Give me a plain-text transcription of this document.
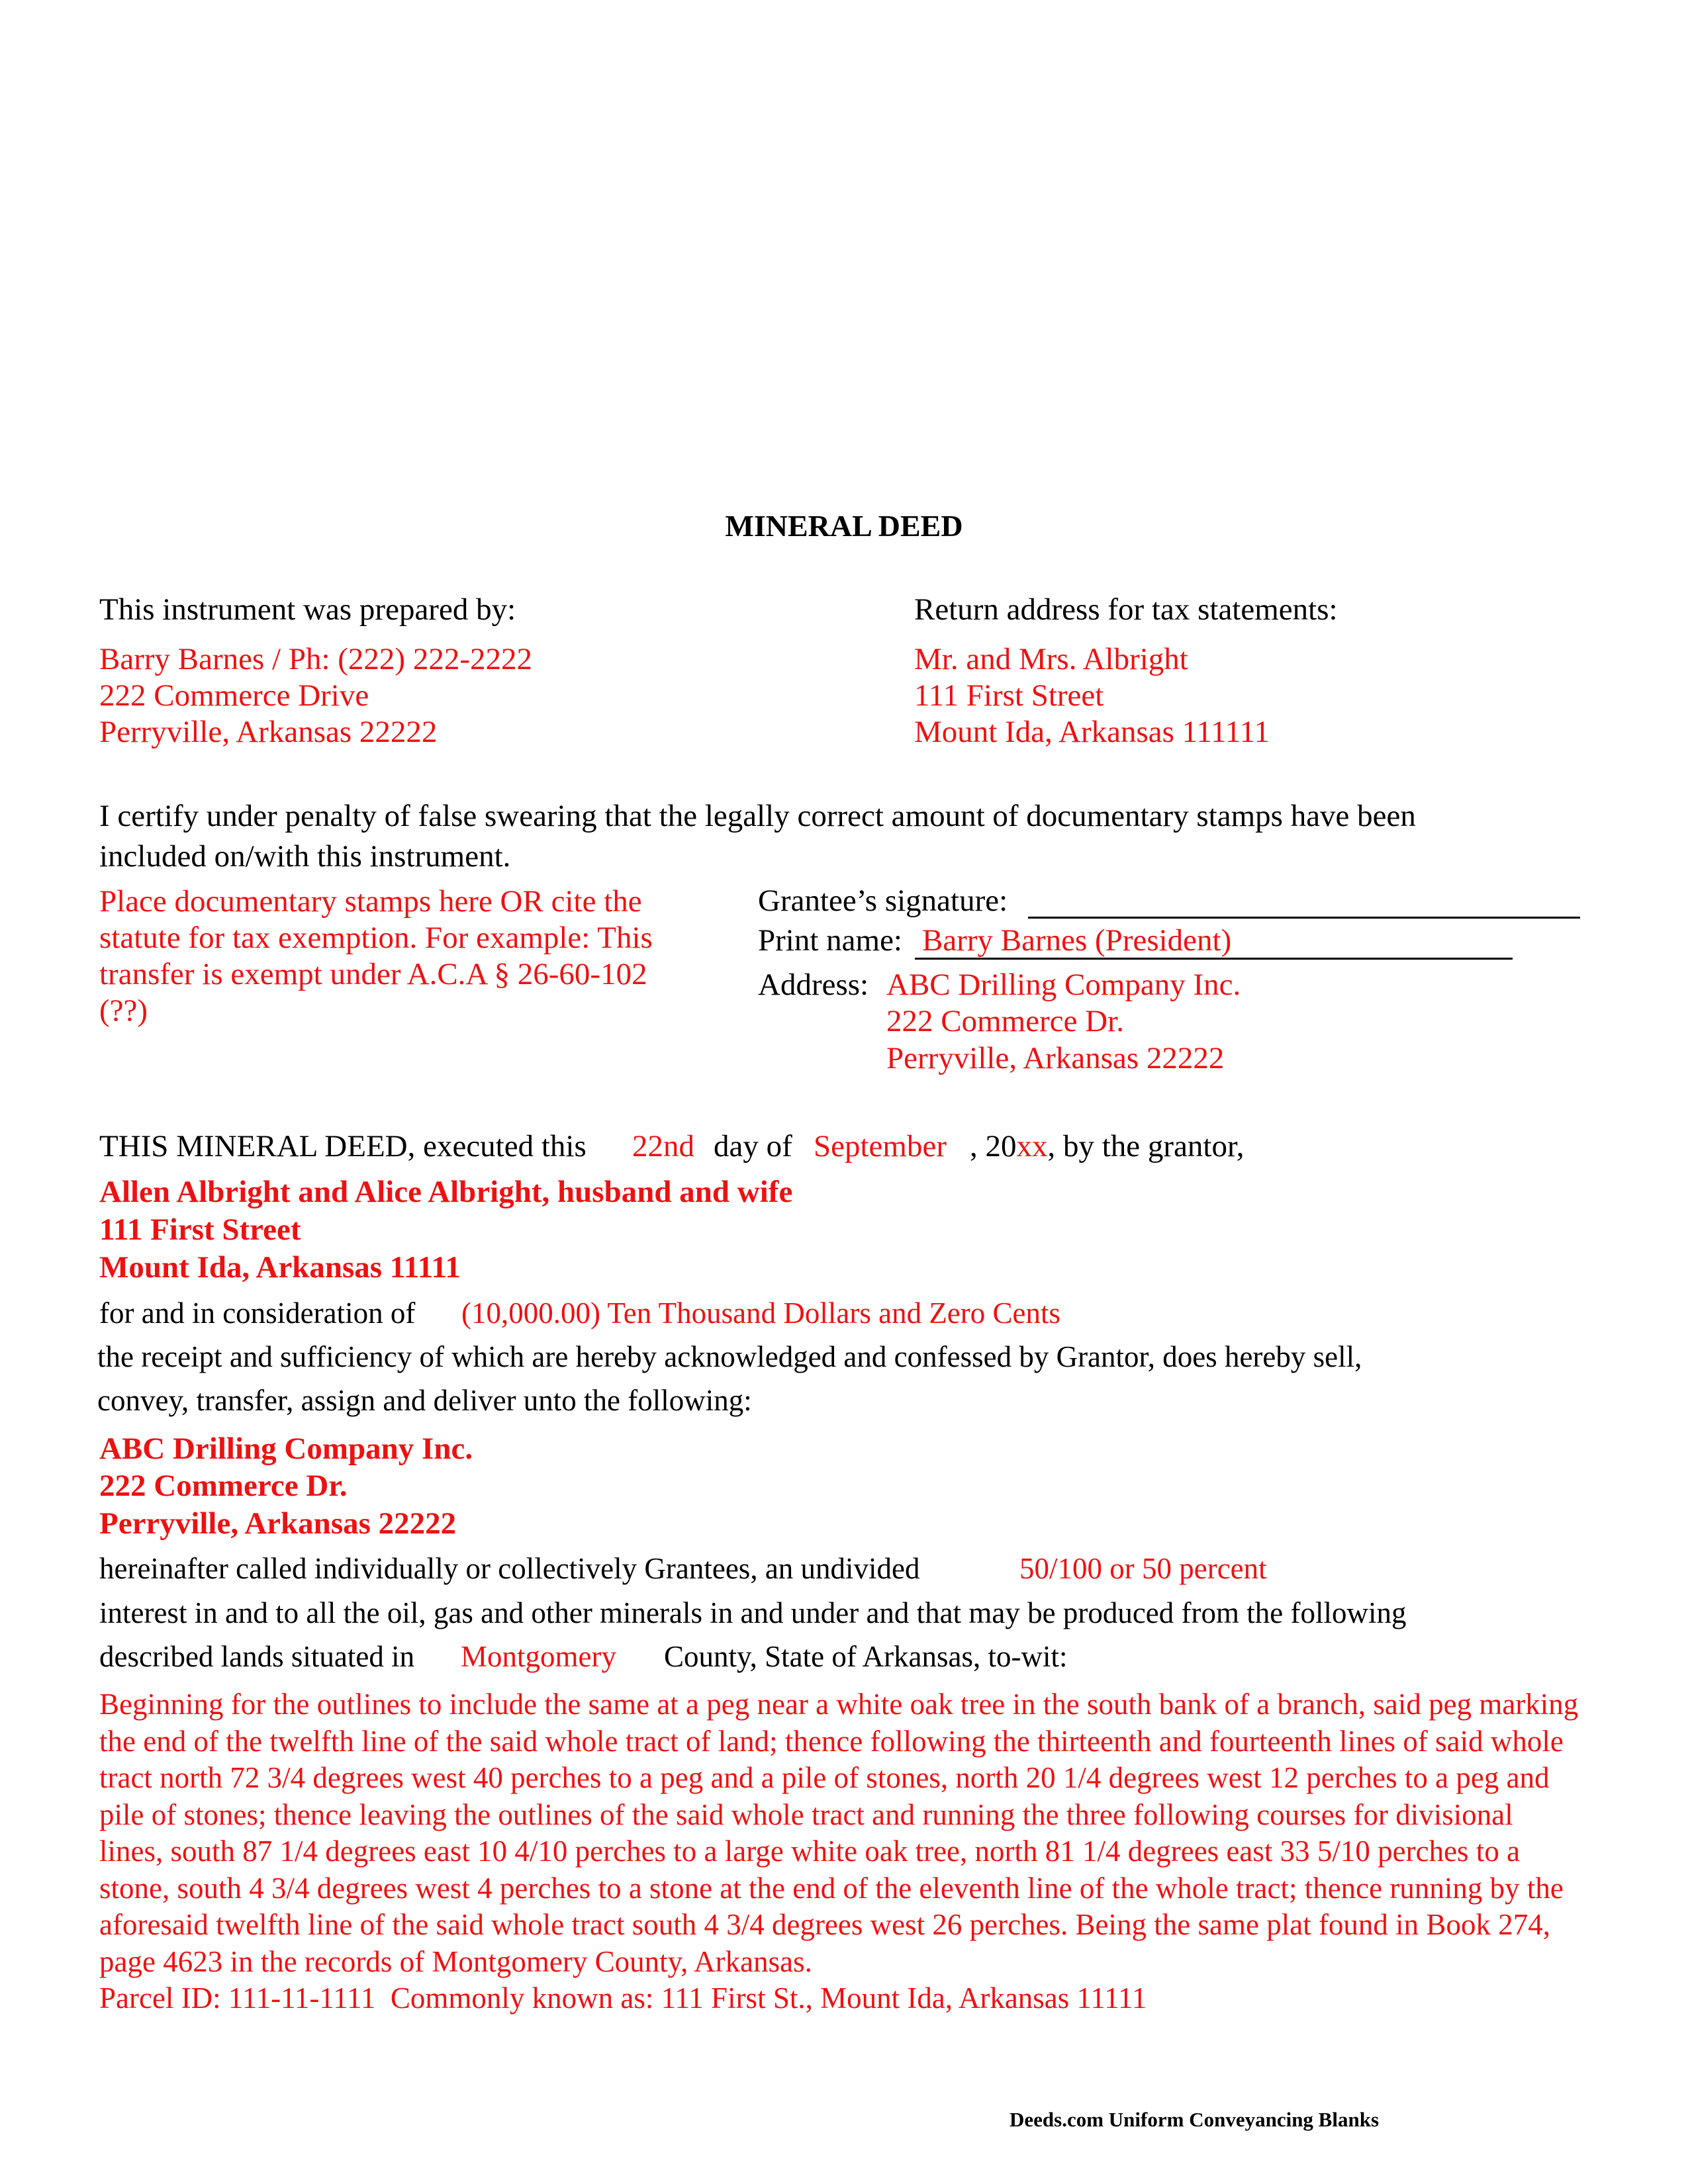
MINERAL DEED
This instrument was prepared by:
Barry Barnes / Ph: (222) 222-2222
222 Commerce Drive
Perryville, Arkansas 22222
Return address for tax statements:
Mr. and Mrs. Albright
111 First Street
Mount Ida, Arkansas 111111
I certify under penalty of false swearing that the legally correct amount of documentary stamps have been
included on/with this instrument.
Place documentary stamps here OR cite the
statute for tax exemption. For example: This
transfer is exempt under A.C.A § 26-60-102
(??)
Grantee’s signature:
Print name: Barry Barnes (President)
Address: ABC Drilling Company Inc.
222 Commerce Dr.
Perryville, Arkansas 22222
THIS MINERAL DEED, executed this 22nd day of September , 20xx, by the grantor,
Allen Albright and Alice Albright, husband and wife
111 First Street
Mount Ida, Arkansas 11111
for and in consideration of (10,000.00) Ten Thousand Dollars and Zero Cents
the receipt and sufficiency of which are hereby acknowledged and confessed by Grantor, does hereby sell,
convey, transfer, assign and deliver unto the following:
ABC Drilling Company Inc.
222 Commerce Dr.
Perryville, Arkansas 22222
hereinafter called individually or collectively Grantees, an undivided	50/100 or 50 percent
interest in and to all the oil, gas and other minerals in and under and that may be produced from the following
described lands situated in Montgomery County, State of Arkansas, to-wit:

Beginning for the outlines to include the same at a peg near a white oak tree in the south bank of a branch, said peg marking the end of the twelfth line of the said whole tract of land; thence following the thirteenth and fourteenth lines of said whole tract north 72 3/4 degrees west 40 perches to a peg and a pile of stones, north 20 1/4 degrees west 12 perches to a peg and pile of stones; thence leaving the outlines of the said whole tract and running the three following courses for divisional lines, south 87 1/4 degrees east 10 4/10 perches to a large white oak tree, north 81 1/4 degrees east 33 5/10 perches to a stone, south 4 3/4 degrees west 4 perches to a stone at the end of the eleventh line of the whole tract; thence running by the aforesaid twelfth line of the said whole tract south 4 3/4 degrees west 26 perches. Being the same plat found in Book 274, page 4623 in the records of Montgomery County, Arkansas.

Parcel ID: 111-11-1111  Commonly known as: 111 First St., Mount Ida, Arkansas 11111

Deeds.com Uniform Conveyancing Blanks
